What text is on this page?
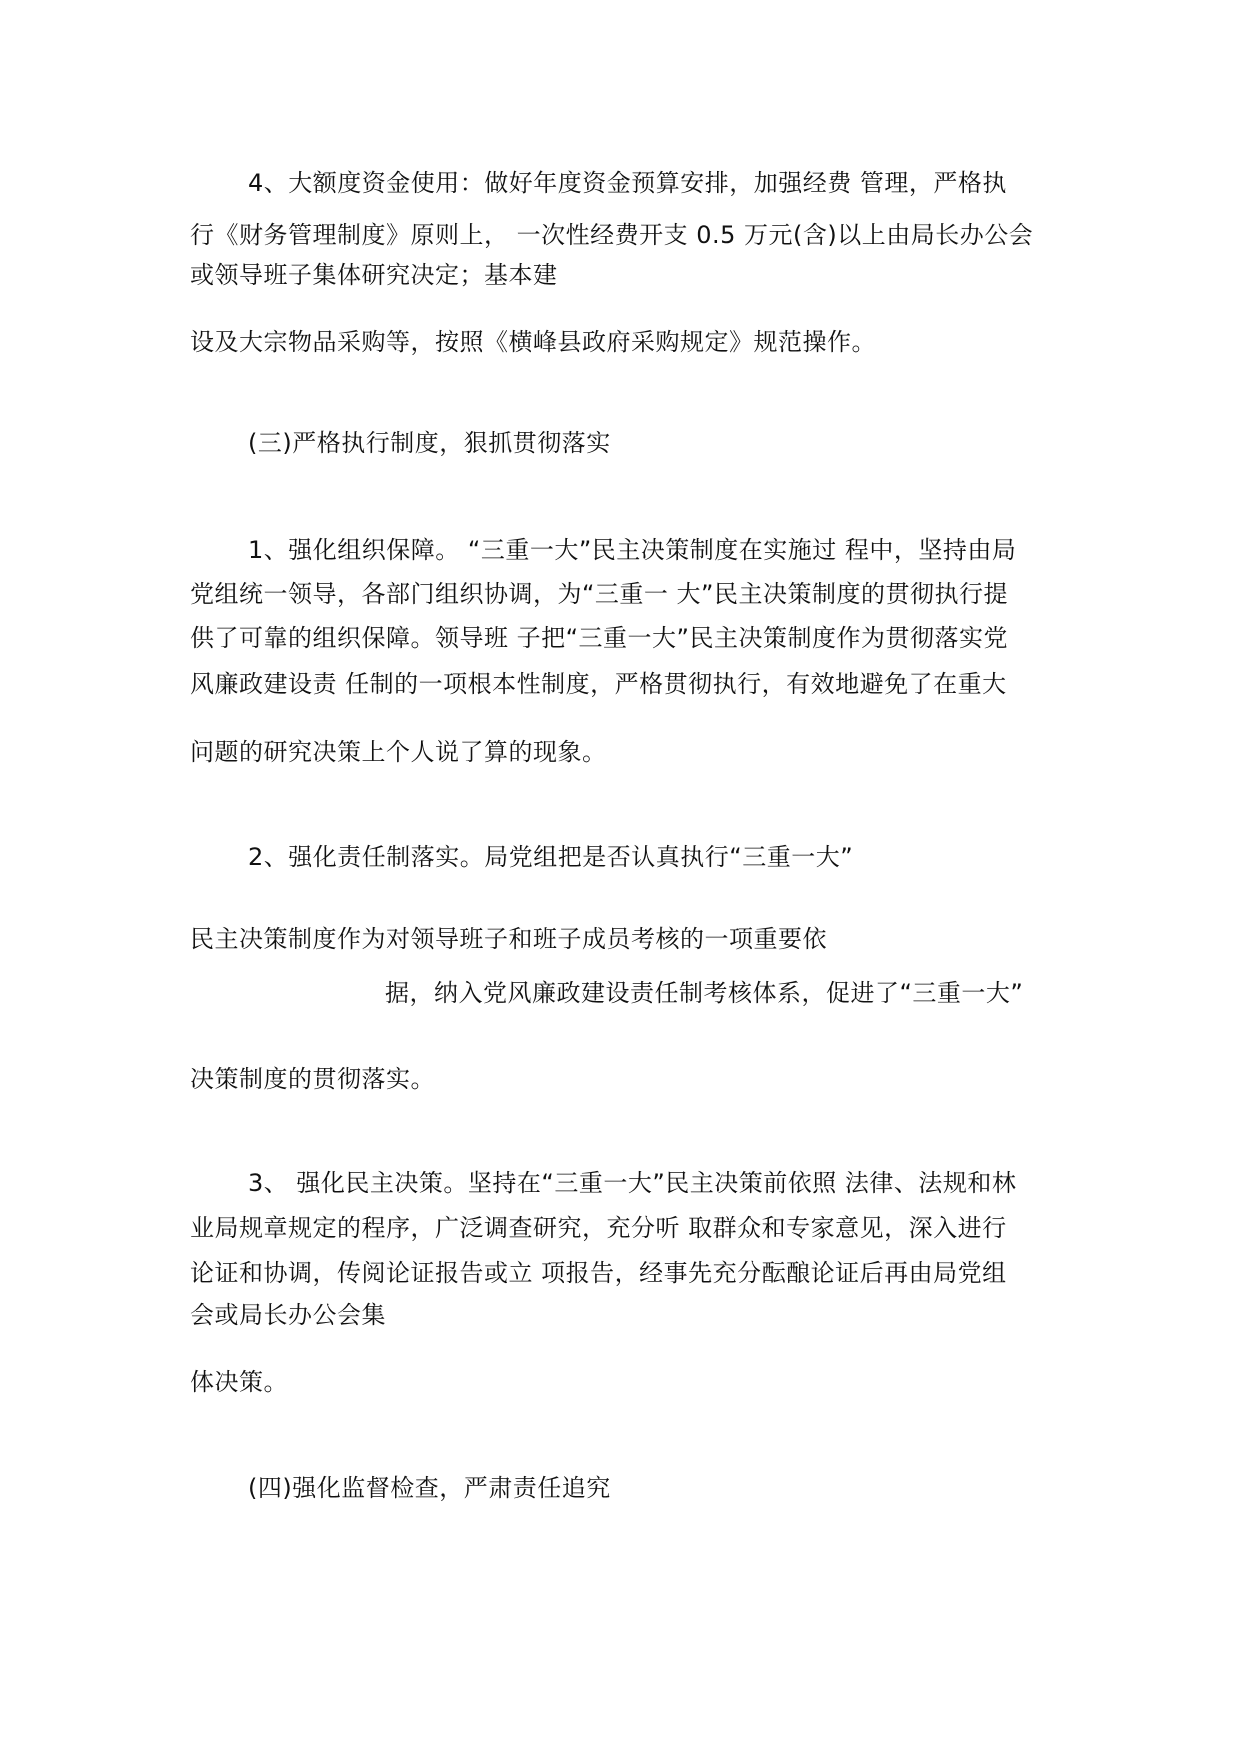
4、大额度资金使用：做好年度资金预算安排，加强经费 管理，严格执
行《财务管理制度》原则上， 一次性经费开支 0.5 万元(含)以上由局长办公会
或领导班子集体研究决定；基本建
设及大宗物品采购等，按照《横峰县政府采购规定》规范操作。
(三)严格执行制度，狠抓贯彻落实
1、强化组织保障。 “三重一大”民主决策制度在实施过 程中，坚持由局
党组统一领导，各部门组织协调，为“三重一 大”民主决策制度的贯彻执行提
供了可靠的组织保障。领导班 子把“三重一大”民主决策制度作为贯彻落实党
风廉政建设责 任制的一项根本性制度，严格贯彻执行，有效地避免了在重大
问题的研究决策上个人说了算的现象。
2、强化责任制落实。局党组把是否认真执行“三重一大”
民主决策制度作为对领导班子和班子成员考核的一项重要依
据，纳入党风廉政建设责任制考核体系，促进了“三重一大”
决策制度的贯彻落实。
3、 强化民主决策。坚持在“三重一大”民主决策前依照 法律、法规和林
业局规章规定的程序，广泛调查研究，充分听 取群众和专家意见，深入进行
论证和协调，传阅论证报告或立 项报告，经事先充分酝酿论证后再由局党组
会或局长办公会集
体决策。
(四)强化监督检查，严肃责任追究
